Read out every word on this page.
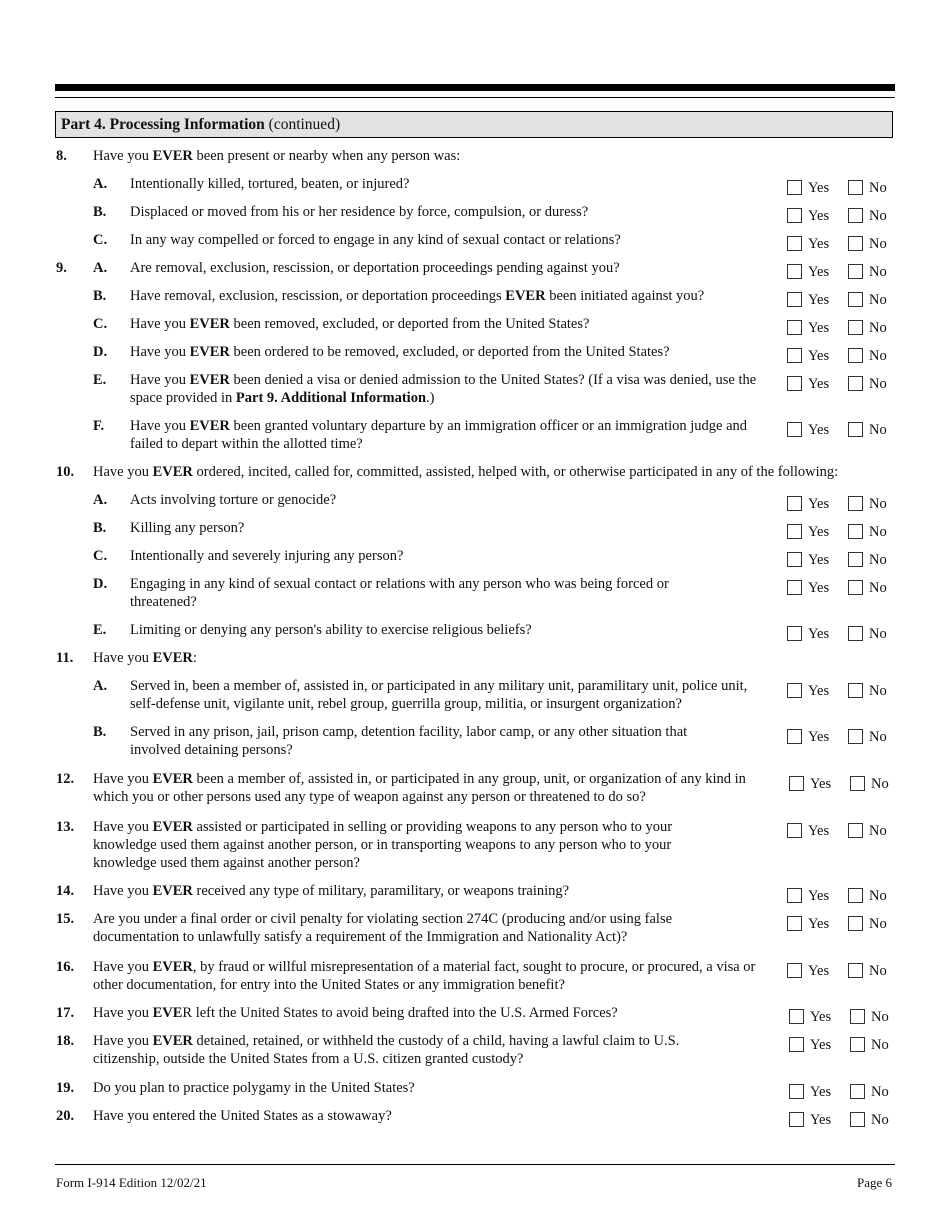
Part 4. Processing Information (continued)
8. Have you EVER been present or nearby when any person was:
A. Intentionally killed, tortured, beaten, or injured?	Yes	No
B. Displaced or moved from his or her residence by force, compulsion, or duress?	Yes	No
C. In any way compelled or forced to engage in any kind of sexual contact or relations?	Yes	No
9. A. Are removal, exclusion, rescission, or deportation proceedings pending against you?	Yes	No
B. Have removal, exclusion, rescission, or deportation proceedings EVER been initiated against you?	Yes	No
C. Have you EVER been removed, excluded, or deported from the United States?	Yes	No
D. Have you EVER been ordered to be removed, excluded, or deported from the United States?	Yes	No
E. Have you EVER been denied a visa or denied admission to the United States? (If a visa was denied, use the space provided in Part 9. Additional Information.)
Yes	No
F. Have you EVER been granted voluntary departure by an immigration officer or an immigration judge and failed to depart within the allotted time?
Yes	No
10. Have you EVER ordered, incited, called for, committed, assisted, helped with, or otherwise participated in any of the following:
A. Acts involving torture or genocide?	Yes	No
B. Killing any person?	Yes	No
C. Intentionally and severely injuring any person?	Yes	No
D. Engaging in any kind of sexual contact or relations with any person who was being forced or threatened?
Yes	No
E. Limiting or denying any person's ability to exercise religious beliefs?	Yes	No
11. Have you EVER:
A. Served in, been a member of, assisted in, or participated in any military unit, paramilitary unit, police unit, self-defense unit, vigilante unit, rebel group, guerrilla group, militia, or insurgent organization?
Yes	No
B. Served in any prison, jail, prison camp, detention facility, labor camp, or any other situation that involved detaining persons?
Yes	No
12. Have you EVER been a member of, assisted in, or participated in any group, unit, or organization of any kind in which you or other persons used any type of weapon against any person or threatened to do so?
Yes	No
13. Have you EVER assisted or participated in selling or providing weapons to any person who to your knowledge used them against another person, or in transporting weapons to any person who to your knowledge used them against another person?
Yes	No
14. Have you EVER received any type of military, paramilitary, or weapons training?	Yes	No
15. Are you under a final order or civil penalty for violating section 274C (producing and/or using false documentation to unlawfully satisfy a requirement of the Immigration and Nationality Act)?
Yes	No
16. Have you EVER, by fraud or willful misrepresentation of a material fact, sought to procure, or procured, a visa or other documentation, for entry into the United States or any immigration benefit?
Yes	No
17. Have you EVER left the United States to avoid being drafted into the U.S. Armed Forces?	Yes	No
18. Have you EVER detained, retained, or withheld the custody of a child, having a lawful claim to U.S. citizenship, outside the United States from a U.S. citizen granted custody?
Yes	No
19. Do you plan to practice polygamy in the United States?	Yes	No
20. Have you entered the United States as a stowaway?	Yes	No
Form I-914 Edition 12/02/21	Page 6
